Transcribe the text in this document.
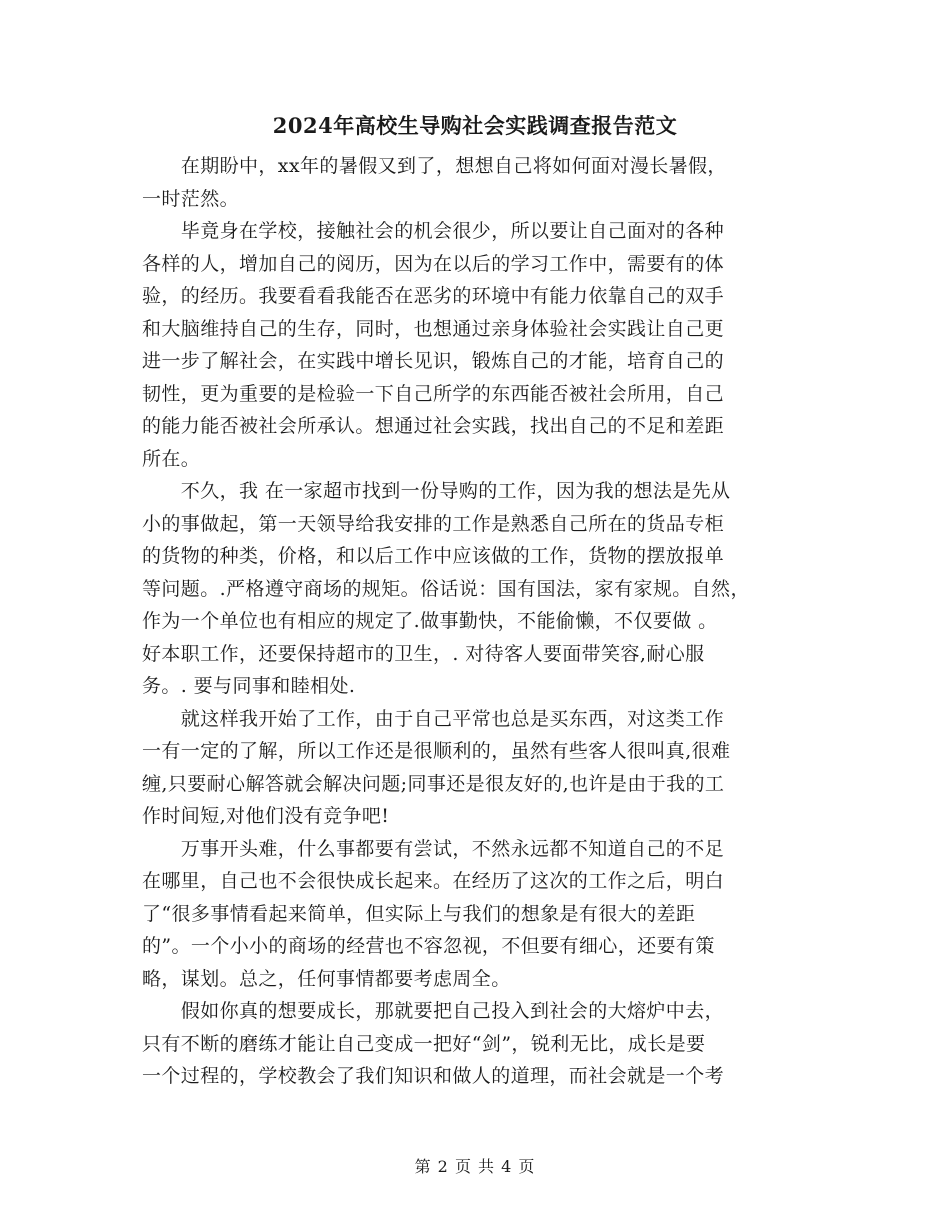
2024年高校生导购社会实践调查报告范文
　　在期盼中，xx年的暑假又到了，想想自己将如何面对漫长暑假，
一时茫然。
　　毕竟身在学校，接触社会的机会很少，所以要让自己面对的各种
各样的人，增加自己的阅历，因为在以后的学习工作中，需要有的体
验，的经历。我要看看我能否在恶劣的环境中有能力依靠自己的双手
和大脑维持自己的生存，同时，也想通过亲身体验社会实践让自己更
进一步了解社会，在实践中增长见识，锻炼自己的才能，培育自己的
韧性，更为重要的是检验一下自己所学的东西能否被社会所用，自己
的能力能否被社会所承认。想通过社会实践，找出自己的不足和差距
所在。
　　不久，我 在一家超市找到一份导购的工作，因为我的想法是先从
小的事做起，第一天领导给我安排的工作是熟悉自己所在的货品专柜
的货物的种类，价格，和以后工作中应该做的工作，货物的摆放报单
等问题。.严格遵守商场的规矩。俗话说：国有国法，家有家规。自然，
作为一个单位也有相应的规定了.做事勤快，不能偷懒，不仅要做 。
好本职工作，还要保持超市的卫生，. 对待客人要面带笑容,耐心服
务。. 要与同事和睦相处.
　　就这样我开始了工作，由于自己平常也总是买东西，对这类工作
一有一定的了解，所以工作还是很顺利的，虽然有些客人很叫真,很难
缠,只要耐心解答就会解决问题;同事还是很友好的,也许是由于我的工
作时间短,对他们没有竞争吧!
　　万事开头难，什么事都要有尝试，不然永远都不知道自己的不足
在哪里，自己也不会很快成长起来。在经历了这次的工作之后，明白
了“很多事情看起来简单，但实际上与我们的想象是有很大的差距
的”。一个小小的商场的经营也不容忽视，不但要有细心，还要有策
略，谋划。总之，任何事情都要考虑周全。
　　假如你真的想要成长，那就要把自己投入到社会的大熔炉中去，
只有不断的磨练才能让自己变成一把好“剑”，锐利无比，成长是要
一个过程的，学校教会了我们知识和做人的道理，而社会就是一个考
第 2 页 共 4 页
